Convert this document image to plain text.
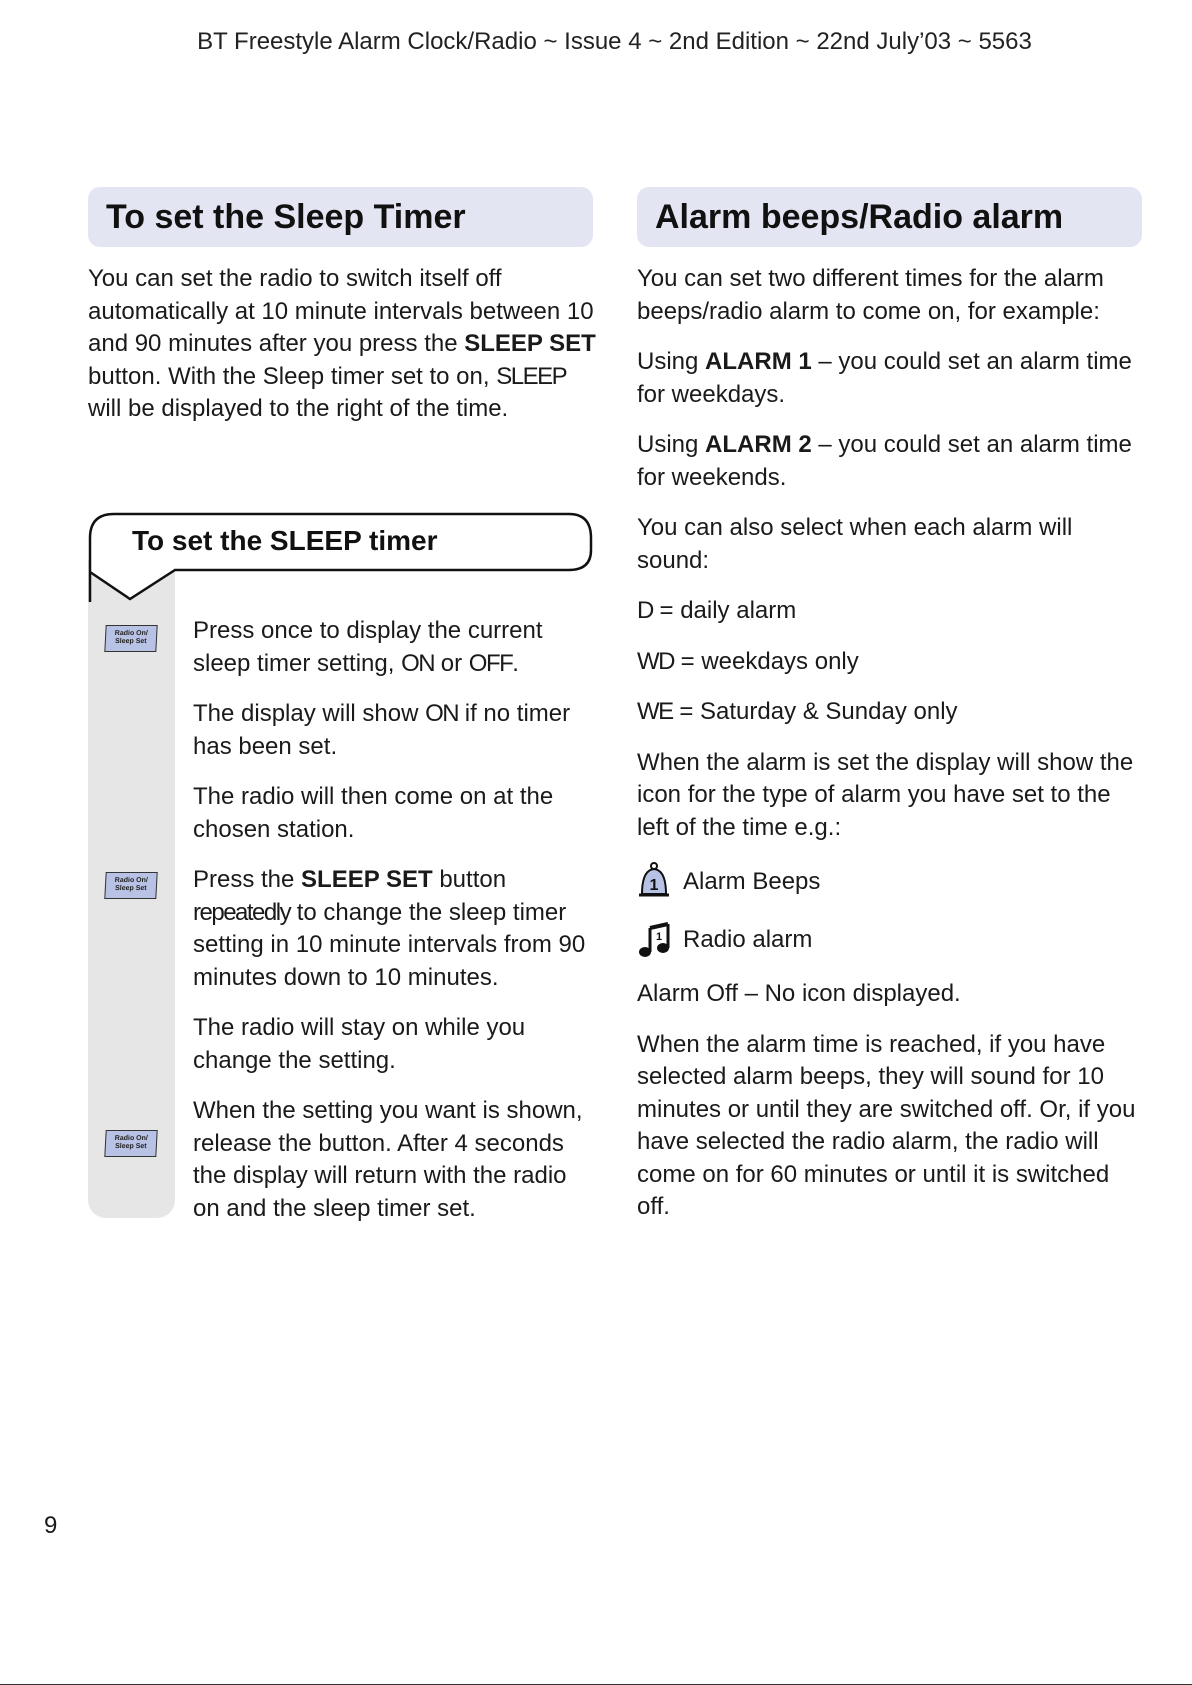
BT Freestyle Alarm Clock/Radio ~ Issue 4 ~ 2nd Edition ~ 22nd July’03 ~ 5563
To set the Sleep Timer

You can set the radio to switch itself off automatically at 10 minute intervals between 10 and 90 minutes after you press the SLEEP SET button. With the Sleep timer set to on, SLEEP will be displayed to the right of the time.

To set the SLEEP timer
Radio On/
Sleep Set
Radio On/
Sleep Set
Radio On/
Sleep Set

Press once to display the current sleep timer setting, ON or OFF.

The display will show ON if no timer has been set.

The radio will then come on at the chosen station.

Press the SLEEP SET button repeatedly to change the sleep timer setting in 10 minute intervals from 90 minutes down to 10 minutes.

The radio will stay on while you change the setting.

When the setting you want is shown, release the button. After 4 seconds the display will return with the radio on and the sleep timer set.

Alarm beeps/Radio alarm

You can set two different times for the alarm beeps/radio alarm to come on, for example:

Using ALARM 1 – you could set an alarm time for weekdays.

Using ALARM 2 – you could set an alarm time for weekends.

You can also select when each alarm will sound:

D = daily alarm

WD = weekdays only

WE = Saturday & Sunday only

When the alarm is set the display will show the icon for the type of alarm you have set to the left of the time e.g.:

1 Alarm Beeps
1 Radio alarm

Alarm Off – No icon displayed.

When the alarm time is reached, if you have selected alarm beeps, they will sound for 10 minutes or until they are switched off. Or, if you have selected the radio alarm, the radio will come on for 60 minutes or until it is switched off.

9
